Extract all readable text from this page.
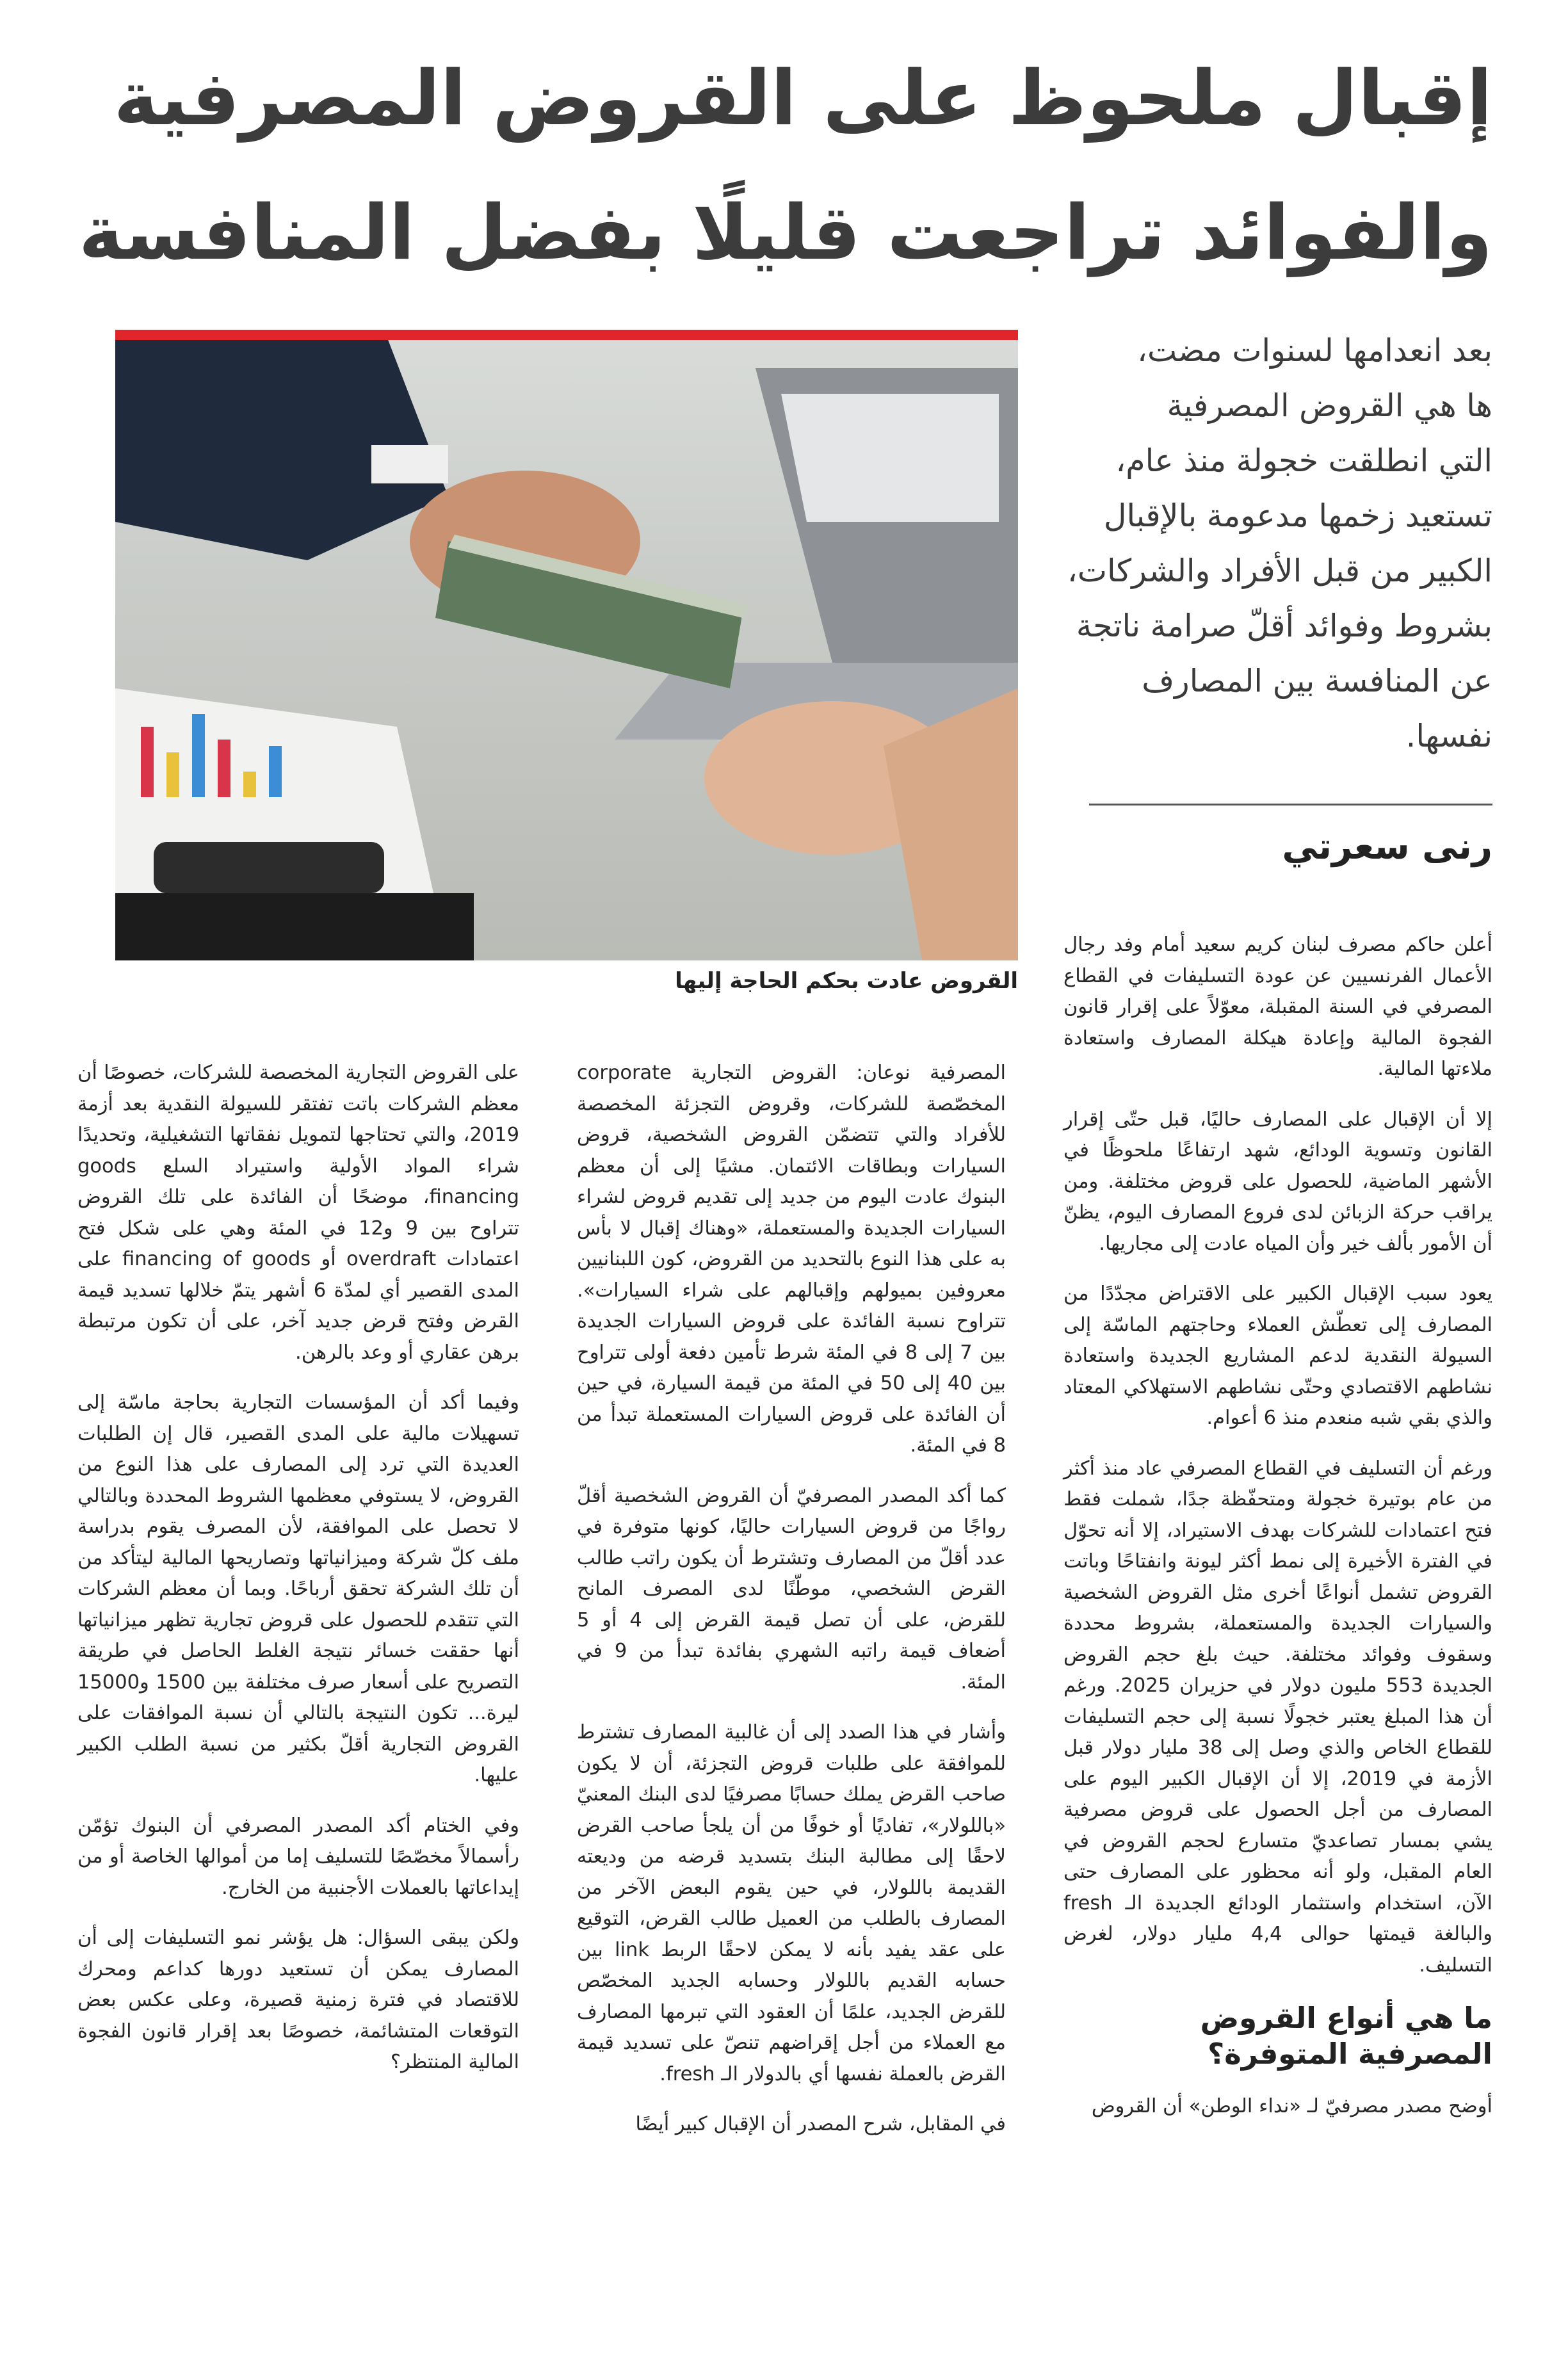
إقبال ملحوظ على القروض المصرفية
والفوائد تراجعت قليلًا بفضل المنافسة
بعد انعدامها لسنوات مضت،
ها هي القروض المصرفية
التي انطلقت خجولة منذ عام،
تستعيد زخمها مدعومة بالإقبال
الكبير من قبل الأفراد والشركات،
بشروط وفوائد أقلّ صرامة ناتجة
عن المنافسة بين المصارف
نفسها.
رنى سعرتي
القروض عادت بحكم الحاجة إليها

أعلن حاكم مصرف لبنان كريم سعيد أمام وفد رجال الأعمال الفرنسيين عن عودة التسليفات في القطاع المصرفي في السنة المقبلة، معوّلاً على إقرار قانون الفجوة المالية وإعادة هيكلة المصارف واستعادة ملاءتها المالية.

إلا أن الإقبال على المصارف حاليًا، قبل حتّى إقرار القانون وتسوية الودائع، شهد ارتفاعًا ملحوظًا في الأشهر الماضية، للحصول على قروض مختلفة. ومن يراقب حركة الزبائن لدى فروع المصارف اليوم، يظنّ أن الأمور بألف خير وأن المياه عادت إلى مجاريها.

يعود سبب الإقبال الكبير على الاقتراض مجدّدًا من المصارف إلى تعطّش العملاء وحاجتهم الماسّة إلى السيولة النقدية لدعم المشاريع الجديدة واستعادة نشاطهم الاقتصادي وحتّى نشاطهم الاستهلاكي المعتاد والذي بقي شبه منعدم منذ 6 أعوام.

ورغم أن التسليف في القطاع المصرفي عاد منذ أكثر من عام بوتيرة خجولة ومتحفّظة جدًا، شملت فقط فتح اعتمادات للشركات بهدف الاستيراد، إلا أنه تحوّل في الفترة الأخيرة إلى نمط أكثر ليونة وانفتاحًا وباتت القروض تشمل أنواعًا أخرى مثل القروض الشخصية والسيارات الجديدة والمستعملة، بشروط محددة وسقوف وفوائد مختلفة. حيث بلغ حجم القروض الجديدة 553 مليون دولار في حزيران 2025. ورغم أن هذا المبلغ يعتبر خجولًا نسبة إلى حجم التسليفات للقطاع الخاص والذي وصل إلى 38 مليار دولار قبل الأزمة في 2019، إلا أن الإقبال الكبير اليوم على المصارف من أجل الحصول على قروض مصرفية يشي بمسار تصاعديّ متسارع لحجم القروض في العام المقبل، ولو أنه محظور على المصارف حتى الآن، استخدام واستثمار الودائع الجديدة الـ fresh والبالغة قيمتها حوالى 4,4 مليار دولار، لغرض التسليف.

ما هي أنواع القروض المصرفية المتوفرة؟

أوضح مصدر مصرفيّ لـ «نداء الوطن» أن القروض

المصرفية نوعان: القروض التجارية corporate المخصّصة للشركات، وقروض التجزئة المخصصة للأفراد والتي تتضمّن القروض الشخصية، قروض السيارات وبطاقات الائتمان. مشيًا إلى أن معظم البنوك عادت اليوم من جديد إلى تقديم قروض لشراء السيارات الجديدة والمستعملة، «وهناك إقبال لا بأس به على هذا النوع بالتحديد من القروض، كون اللبنانيين معروفين بميولهم وإقبالهم على شراء السيارات». تتراوح نسبة الفائدة على قروض السيارات الجديدة بين 7 إلى 8 في المئة شرط تأمين دفعة أولى تتراوح بين 40 إلى 50 في المئة من قيمة السيارة، في حين أن الفائدة على قروض السيارات المستعملة تبدأ من 8 في المئة.

كما أكد المصدر المصرفيّ أن القروض الشخصية أقلّ رواجًا من قروض السيارات حاليًا، كونها متوفرة في عدد أقلّ من المصارف وتشترط أن يكون راتب طالب القرض الشخصي، موطّنًا لدى المصرف المانح للقرض، على أن تصل قيمة القرض إلى 4 أو 5 أضعاف قيمة راتبه الشهري بفائدة تبدأ من 9 في المئة.

وأشار في هذا الصدد إلى أن غالبية المصارف تشترط للموافقة على طلبات قروض التجزئة، أن لا يكون صاحب القرض يملك حسابًا مصرفيًا لدى البنك المعنيّ «باللولار»، تفاديًا أو خوفًا من أن يلجأ صاحب القرض لاحقًا إلى مطالبة البنك بتسديد قرضه من وديعته القديمة باللولار، في حين يقوم البعض الآخر من المصارف بالطلب من العميل طالب القرض، التوقيع على عقد يفيد بأنه لا يمكن لاحقًا الربط link بين حسابه القديم باللولار وحسابه الجديد المخصّص للقرض الجديد، علمًا أن العقود التي تبرمها المصارف مع العملاء من أجل إقراضهم تنصّ على تسديد قيمة القرض بالعملة نفسها أي بالدولار الـ fresh.

في المقابل، شرح المصدر أن الإقبال كبير أيضًا

على القروض التجارية المخصصة للشركات، خصوصًا أن معظم الشركات باتت تفتقر للسيولة النقدية بعد أزمة 2019، والتي تحتاجها لتمويل نفقاتها التشغيلية، وتحديدًا شراء المواد الأولية واستيراد السلع goods financing، موضحًا أن الفائدة على تلك القروض تتراوح بين 9 و12 في المئة وهي على شكل فتح اعتمادات overdraft أو financing of goods على المدى القصير أي لمدّة 6 أشهر يتمّ خلالها تسديد قيمة القرض وفتح قرض جديد آخر، على أن تكون مرتبطة برهن عقاري أو وعد بالرهن.

وفيما أكد أن المؤسسات التجارية بحاجة ماسّة إلى تسهيلات مالية على المدى القصير، قال إن الطلبات العديدة التي ترد إلى المصارف على هذا النوع من القروض، لا يستوفي معظمها الشروط المحددة وبالتالي لا تحصل على الموافقة، لأن المصرف يقوم بدراسة ملف كلّ شركة وميزانياتها وتصاريحها المالية ليتأكد من أن تلك الشركة تحقق أرباحًا. وبما أن معظم الشركات التي تتقدم للحصول على قروض تجارية تظهر ميزانياتها أنها حققت خسائر نتيجة الغلط الحاصل في طريقة التصريح على أسعار صرف مختلفة بين 1500 و15000 ليرة... تكون النتيجة بالتالي أن نسبة الموافقات على القروض التجارية أقلّ بكثير من نسبة الطلب الكبير عليها.

وفي الختام أكد المصدر المصرفي أن البنوك تؤمّن رأسمالاً مخصّصًا للتسليف إما من أموالها الخاصة أو من إيداعاتها بالعملات الأجنبية من الخارج.

ولكن يبقى السؤال: هل يؤشر نمو التسليفات إلى أن المصارف يمكن أن تستعيد دورها كداعم ومحرك للاقتصاد في فترة زمنية قصيرة، وعلى عكس بعض التوقعات المتشائمة، خصوصًا بعد إقرار قانون الفجوة المالية المنتظر؟
